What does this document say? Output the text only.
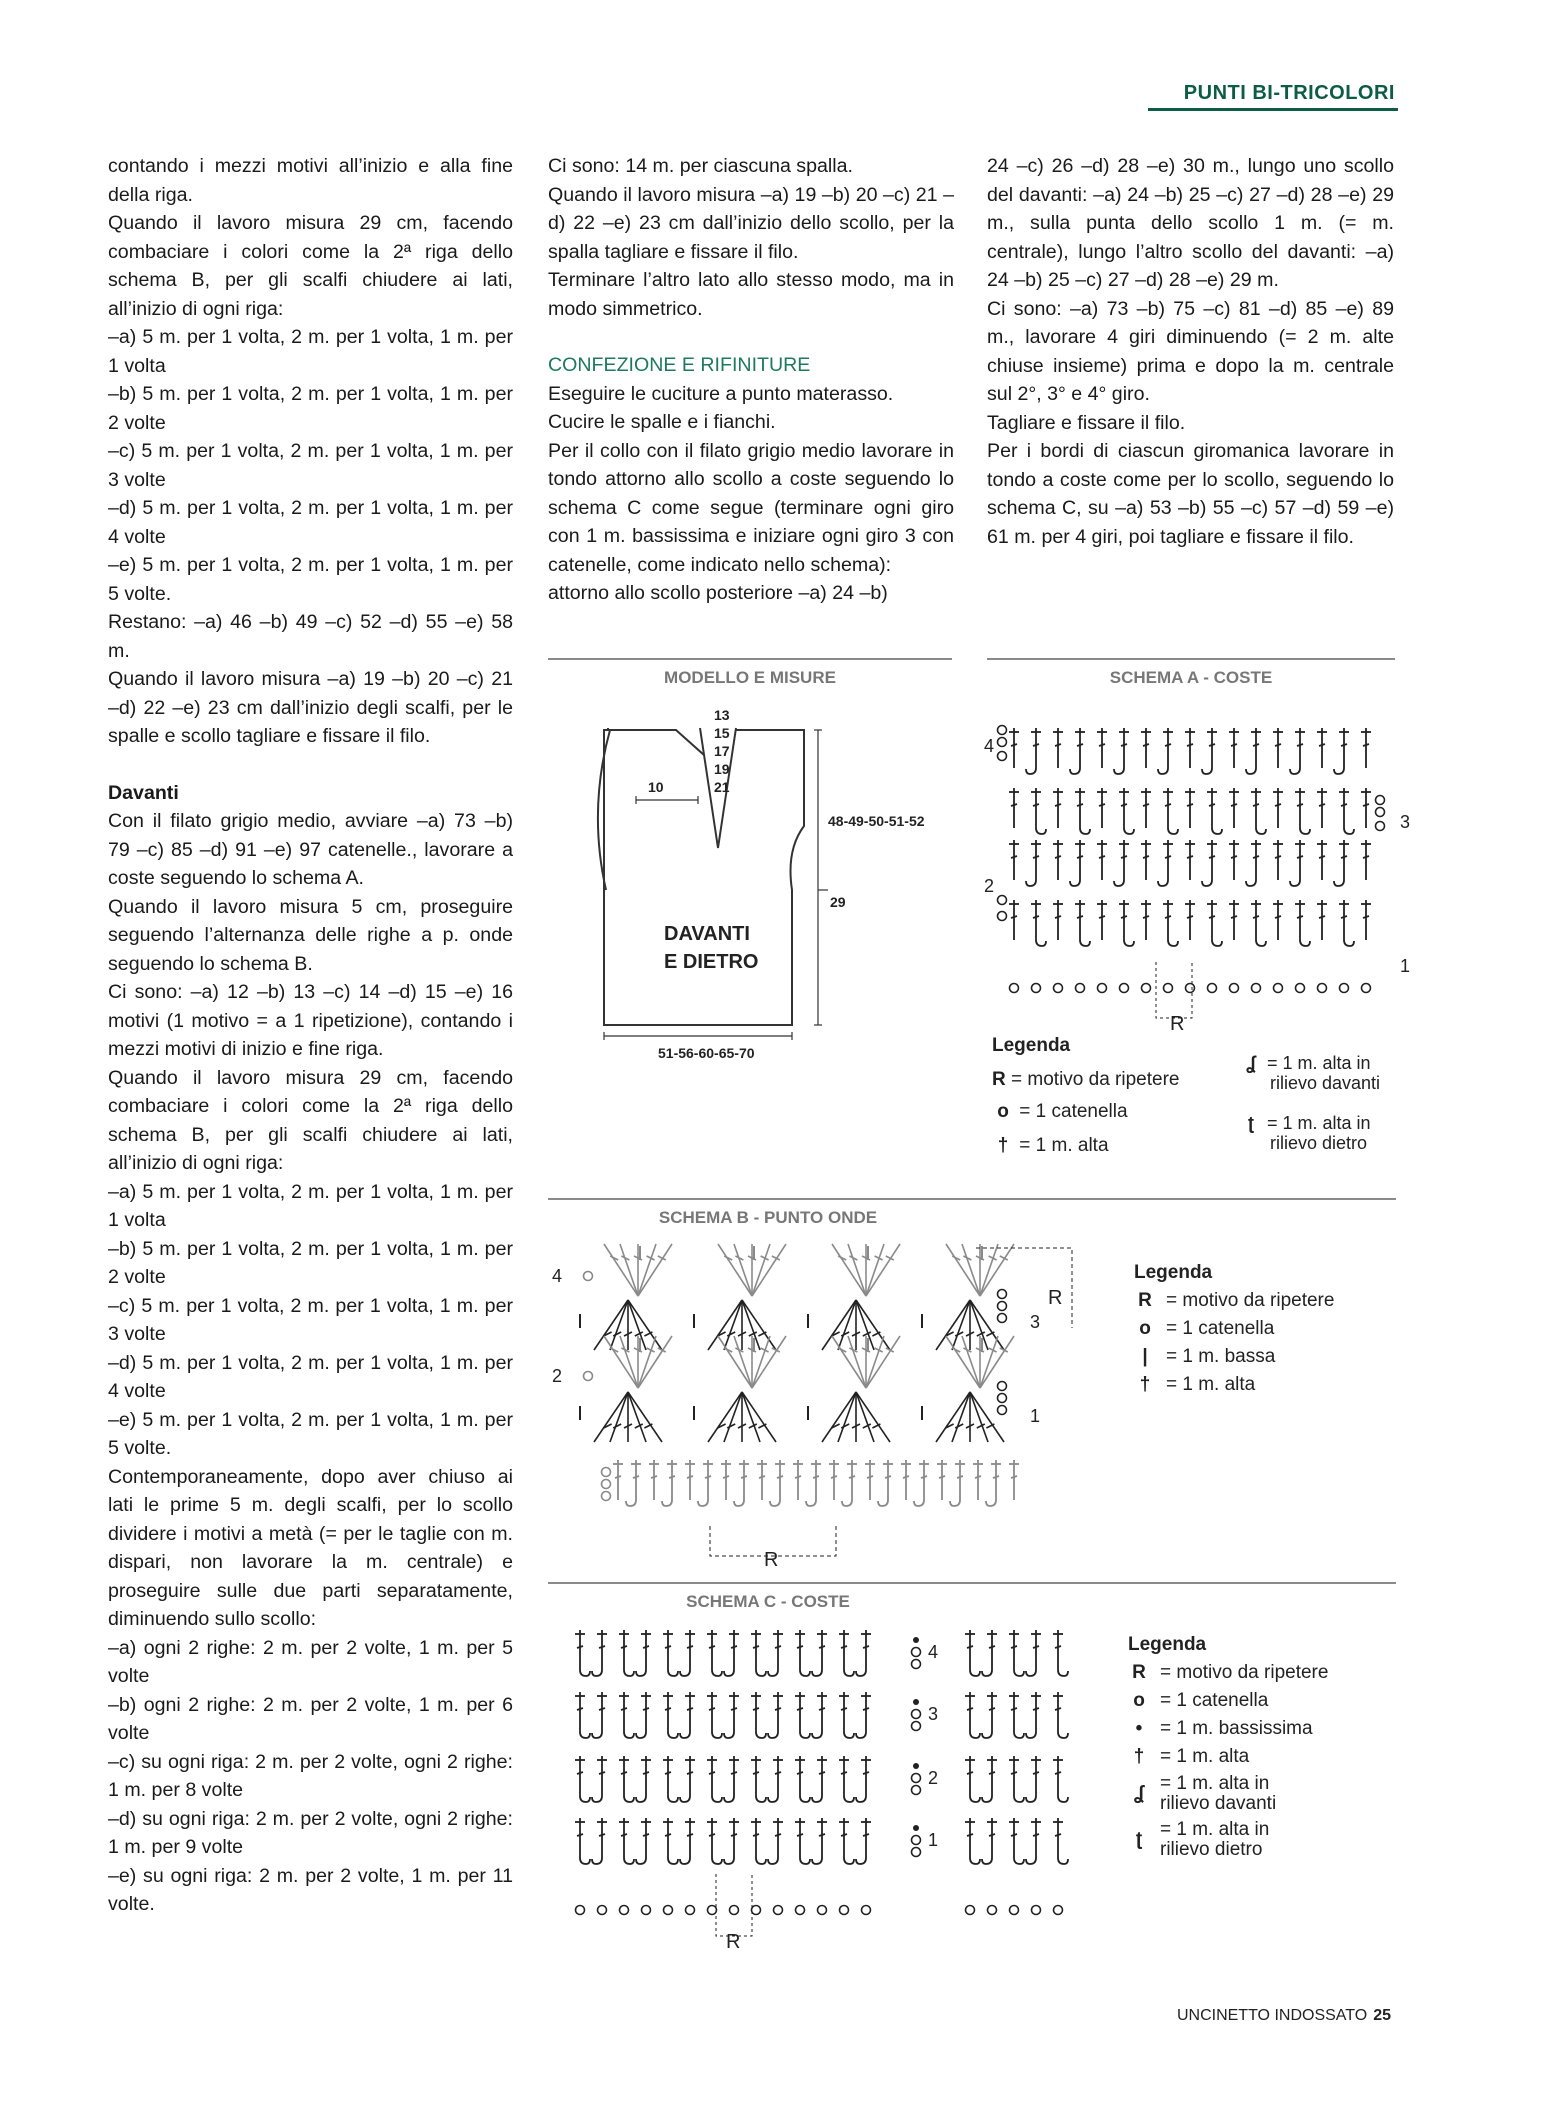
PUNTI BI-TRICOLORI

contando i mezzi motivi all’inizio e alla fine della riga.

Quando il lavoro misura 29 cm, facendo combaciare i colori come la 2ª riga dello schema B, per gli scalfi chiudere ai lati, all’inizio di ogni riga:

–a) 5 m. per 1 volta, 2 m. per 1 volta, 1 m. per 1 volta

–b) 5 m. per 1 volta, 2 m. per 1 volta, 1 m. per 2 volte

–c) 5 m. per 1 volta, 2 m. per 1 volta, 1 m. per 3 volte

–d) 5 m. per 1 volta, 2 m. per 1 volta, 1 m. per 4 volte

–e) 5 m. per 1 volta, 2 m. per 1 volta, 1 m. per 5 volte.

Restano: –a) 46 –b) 49 –c) 52 –d) 55 –e) 58 m.

Quando il lavoro misura –a) 19 –b) 20 –c) 21 –d) 22 –e) 23 cm dall’inizio degli scalfi, per le spalle e scollo tagliare e fissare il filo.

Davanti

Con il filato grigio medio, avviare –a) 73 –b) 79 –c) 85 –d) 91 –e) 97 catenelle., lavorare a coste seguendo lo schema A.

Quando il lavoro misura 5 cm, proseguire seguendo l’alternanza delle righe a p. onde seguendo lo schema B.

Ci sono: –a) 12 –b) 13 –c) 14 –d) 15 –e) 16 motivi (1 motivo = a 1 ripetizione), contando i mezzi motivi di inizio e fine riga.

Quando il lavoro misura 29 cm, facendo combaciare i colori come la 2ª riga dello schema B, per gli scalfi chiudere ai lati, all’inizio di ogni riga:

–a) 5 m. per 1 volta, 2 m. per 1 volta, 1 m. per 1 volta

–b) 5 m. per 1 volta, 2 m. per 1 volta, 1 m. per 2 volte

–c) 5 m. per 1 volta, 2 m. per 1 volta, 1 m. per 3 volte

–d) 5 m. per 1 volta, 2 m. per 1 volta, 1 m. per 4 volte

–e) 5 m. per 1 volta, 2 m. per 1 volta, 1 m. per 5 volte.

Contemporaneamente, dopo aver chiuso ai lati le prime 5 m. degli scalfi, per lo scollo dividere i motivi a metà (= per le taglie con m. dispari, non lavorare la m. centrale) e proseguire sulle due parti separatamente, diminuendo sullo scollo:

–a) ogni 2 righe: 2 m. per 2 volte, 1 m. per 5 volte

–b) ogni 2 righe: 2 m. per 2 volte, 1 m. per 6 volte

–c) su ogni riga: 2 m. per 2 volte, ogni 2 righe: 1 m. per 8 volte

–d) su ogni riga: 2 m. per 2 volte, ogni 2 righe: 1 m. per 9 volte

–e) su ogni riga: 2 m. per 2 volte, 1 m. per 11 volte.

Ci sono: 14 m. per ciascuna spalla.

Quando il lavoro misura –a) 19 –b) 20 –c) 21 –d) 22 –e) 23 cm dall’inizio dello scollo, per la spalla tagliare e fissare il filo.

Terminare l’altro lato allo stesso modo, ma in modo simmetrico.

CONFEZIONE E RIFINITURE

Eseguire le cuciture a punto materasso.

Cucire le spalle e i fianchi.

Per il collo con il filato grigio medio lavorare in tondo attorno allo scollo a coste seguendo lo schema C come segue (terminare ogni giro con 1 m. bassissima e iniziare ogni giro 3 con catenelle, come indicato nello schema):

attorno allo scollo posteriore –a) 24 –b)

24 –c) 26 –d) 28 –e) 30 m., lungo uno scollo del davanti: –a) 24 –b) 25 –c) 27 –d) 28 –e) 29 m., sulla punta dello scollo 1 m. (= m. centrale), lungo l’altro scollo del davanti: –a) 24 –b) 25 –c) 27 –d) 28 –e) 29 m.

Ci sono: –a) 73 –b) 75 –c) 81 –d) 85 –e) 89 m., lavorare 4 giri diminuendo (= 2 m. alte chiuse insieme) prima e dopo la m. centrale sul 2°, 3° e 4° giro.

Tagliare e fissare il filo.

Per i bordi di ciascun giromanica lavorare in tondo a coste come per lo scollo, seguendo lo schema C, su –a) 53 –b) 55 –c) 57 –d) 59 –e) 61 m. per 4 giri, poi tagliare e fissare il filo.

MODELLO E MISURE
13
15
17
19
21
10
48-49-50-51-52
29
51-56-60-65-70
DAVANTI
E DIETRO
SCHEMA A - COSTE
4
3
2
1
R
Legenda
R = motivo da ripetere
o = 1 catenella
† = 1 m. alta
ʆ = 1 m. alta in
rilievo davanti
ʈ = 1 m. alta in
rilievo dietro
SCHEMA B - PUNTO ONDE
4
3
2
1
R
R
Legenda
R = motivo da ripetere
o = 1 catenella
| = 1 m. bassa
† = 1 m. alta
SCHEMA C - COSTE
4
3
2
1
R
Legenda
R = motivo da ripetere
o = 1 catenella
• = 1 m. bassissima
† = 1 m. alta
ʆ = 1 m. alta in
rilievo davanti
ʈ = 1 m. alta in
rilievo dietro
UNCINETTO INDOSSATO 25
